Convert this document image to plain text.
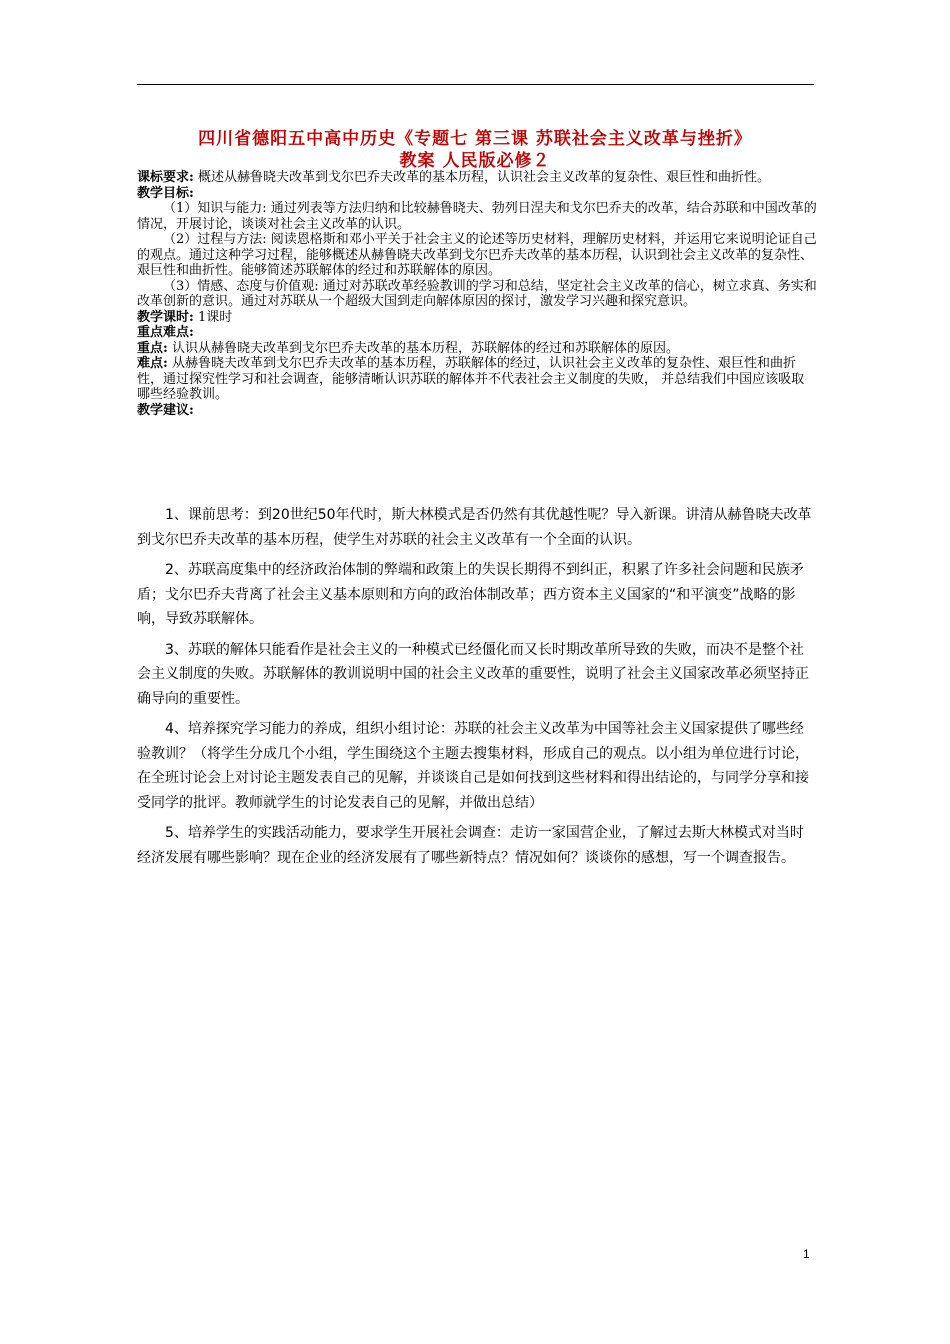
四川省德阳五中高中历史《专题七 第三课 苏联社会主义改革与挫折》
教案 人民版必修２

课标要求: 概述从赫鲁晓夫改革到戈尔巴乔夫改革的基本历程，认识社会主义改革的复杂性、艰巨性和曲折性。

教学目标:

（1）知识与能力: 通过列表等方法归纳和比较赫鲁晓夫、勃列日涅夫和戈尔巴乔夫的改革，结合苏联和中国改革的情况，开展讨论，谈谈对社会主义改革的认识。

（2）过程与方法: 阅读恩格斯和邓小平关于社会主义的论述等历史材料，理解历史材料，并运用它来说明论证自己的观点。通过这种学习过程，能够概述从赫鲁晓夫改革到戈尔巴乔夫改革的基本历程，认识到社会主义改革的复杂性、艰巨性和曲折性。能够简述苏联解体的经过和苏联解体的原因。

（3）情感、态度与价值观: 通过对苏联改革经验教训的学习和总结，坚定社会主义改革的信心，树立求真、务实和改革创新的意识。通过对苏联从一个超级大国到走向解体原因的探讨，激发学习兴趣和探究意识。

教学课时: 1课时

重点难点:

重点: 认识从赫鲁晓夫改革到戈尔巴乔夫改革的基本历程，苏联解体的经过和苏联解体的原因。

难点: 从赫鲁晓夫改革到戈尔巴乔夫改革的基本历程，苏联解体的经过，认识社会主义改革的复杂性、艰巨性和曲折性，通过探究性学习和社会调查，能够清晰认识苏联的解体并不代表社会主义制度的失败， 并总结我们中国应该吸取哪些经验教训。

教学建议:

1、课前思考：到20世纪50年代时，斯大林模式是否仍然有其优越性呢？导入新课。讲清从赫鲁晓夫改革到戈尔巴乔夫改革的基本历程，使学生对苏联的社会主义改革有一个全面的认识。

2、苏联高度集中的经济政治体制的弊端和政策上的失误长期得不到纠正，积累了许多社会问题和民族矛盾；戈尔巴乔夫背离了社会主义基本原则和方向的政治体制改革；西方资本主义国家的“和平演变”战略的影响，导致苏联解体。

3、苏联的解体只能看作是社会主义的一种模式已经僵化而又长时期改革所导致的失败，而决不是整个社会主义制度的失败。苏联解体的教训说明中国的社会主义改革的重要性，说明了社会主义国家改革必须坚持正确导向的重要性。

4、培养探究学习能力的养成，组织小组讨论：苏联的社会主义改革为中国等社会主义国家提供了哪些经验教训？（将学生分成几个小组，学生围绕这个主题去搜集材料，形成自己的观点。以小组为单位进行讨论，在全班讨论会上对讨论主题发表自己的见解，并谈谈自己是如何找到这些材料和得出结论的，与同学分享和接受同学的批评。教师就学生的讨论发表自己的见解，并做出总结）

5、培养学生的实践活动能力，要求学生开展社会调查：走访一家国营企业，了解过去斯大林模式对当时经济发展有哪些影响？现在企业的经济发展有了哪些新特点？情况如何？谈谈你的感想，写一个调查报告。

1
